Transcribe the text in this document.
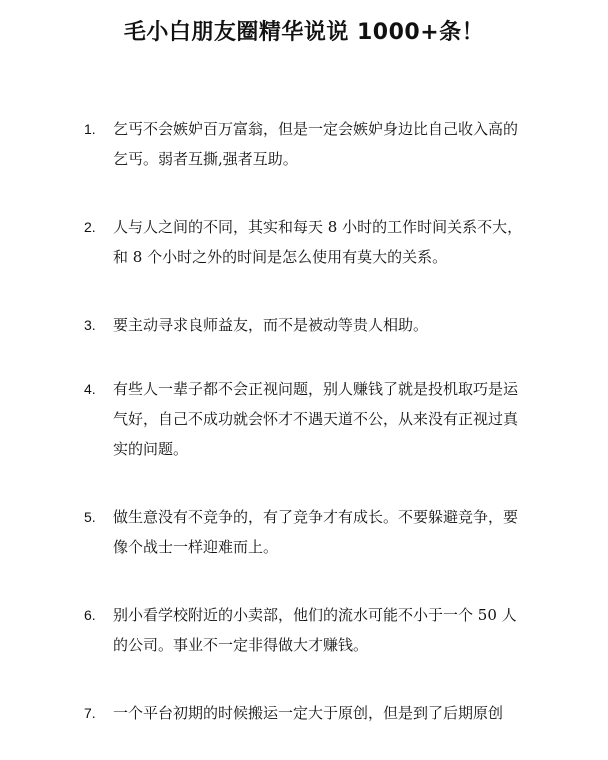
毛小白朋友圈精华说说 1000+条！
1.	乞丐不会嫉妒百万富翁，但是一定会嫉妒身边比自己收入高的乞丐。弱者互撕,强者互助。
2.	人与人之间的不同，其实和每天 8 小时的工作时间关系不大，和 8 个小时之外的时间是怎么使用有莫大的关系。
3.	要主动寻求良师益友，而不是被动等贵人相助。
4.	有些人一辈子都不会正视问题，别人赚钱了就是投机取巧是运气好，自己不成功就会怀才不遇天道不公，从来没有正视过真实的问题。
5.	做生意没有不竞争的，有了竞争才有成长。不要躲避竞争，要像个战士一样迎难而上。
6.	别小看学校附近的小卖部，他们的流水可能不小于一个 50 人的公司。事业不一定非得做大才赚钱。
7.	一个平台初期的时候搬运一定大于原创，但是到了后期原创
